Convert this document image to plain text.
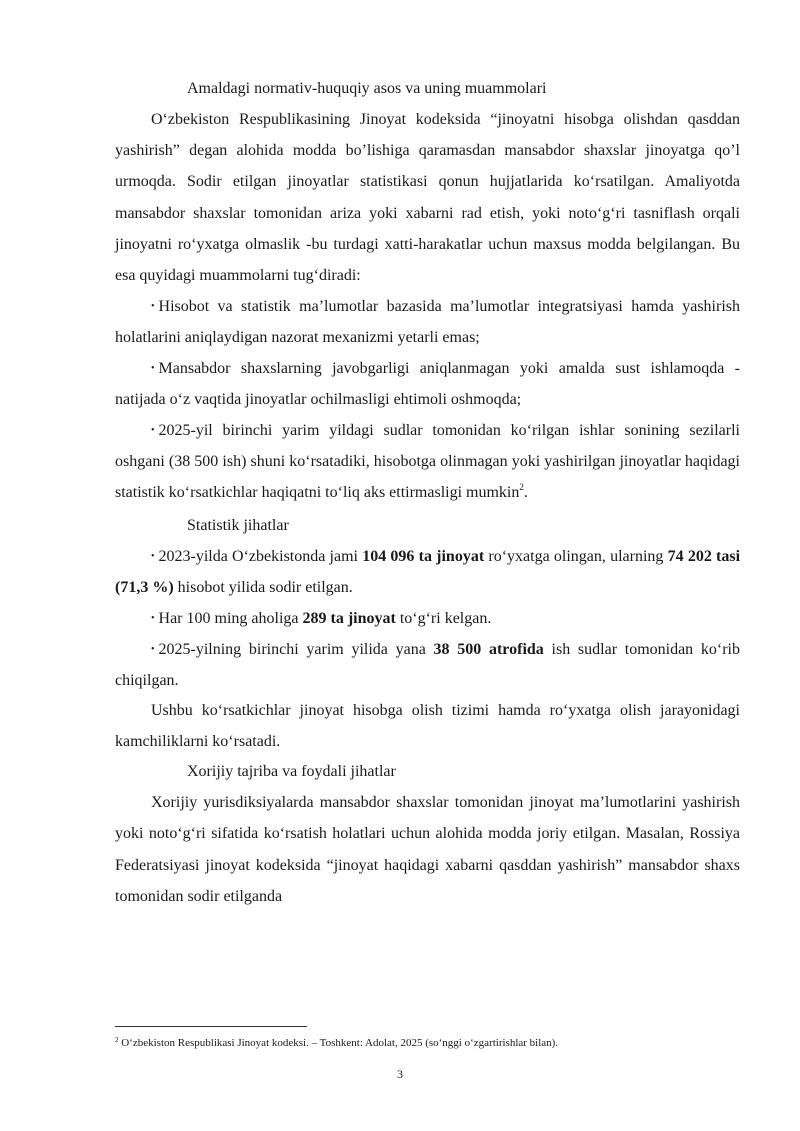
Amaldagi normativ-huquqiy asos va uning muammolari

O‘zbekiston Respublikasining Jinoyat kodeksida “jinoyatni hisobga olishdan qasddan yashirish” degan alohida modda bo’lishiga qaramasdan mansabdor shaxslar jinoyatga qo’l urmoqda. Sodir etilgan jinoyatlar statistikasi qonun hujjatlarida ko‘rsatilgan. Amaliyotda mansabdor shaxslar tomonidan ariza yoki xabarni rad etish, yoki noto‘g‘ri tasniflash orqali jinoyatni ro‘yxatga olmaslik -bu turdagi xatti-harakatlar uchun maxsus modda belgilangan. Bu esa quyidagi muammolarni tug‘diradi:

• Hisobot va statistik ma’lumotlar bazasida ma’lumotlar integratsiyasi hamda yashirish holatlarini aniqlaydigan nazorat mexanizmi yetarli emas;

• Mansabdor shaxslarning javobgarligi aniqlanmagan yoki amalda sust ishlamoqda - natijada o‘z vaqtida jinoyatlar ochilmasligi ehtimoli oshmoqda;

• 2025-yil birinchi yarim yildagi sudlar tomonidan ko‘rilgan ishlar sonining sezilarli oshgani (38 500 ish) shuni ko‘rsatadiki, hisobotga olinmagan yoki yashirilgan jinoyatlar haqidagi statistik ko‘rsatkichlar haqiqatni to‘liq aks ettirmasligi mumkin$^2$.

Statistik jihatlar

• 2023-yilda O‘zbekistonda jami 104 096 ta jinoyat ro‘yxatga olingan, ularning 74 202 tasi (71,3 %) hisobot yilida sodir etilgan.

• Har 100 ming aholiga 289 ta jinoyat to‘g‘ri kelgan.

• 2025-yilning birinchi yarim yilida yana 38 500 atrofida ish sudlar tomonidan ko‘rib chiqilgan.

Ushbu ko‘rsatkichlar jinoyat hisobga olish tizimi hamda ro‘yxatga olish jarayonidagi kamchiliklarni ko‘rsatadi.

Xorijiy tajriba va foydali jihatlar

Xorijiy yurisdiksiyalarda mansabdor shaxslar tomonidan jinoyat ma’lumotlarini yashirish yoki noto‘g‘ri sifatida ko‘rsatish holatlari uchun alohida modda joriy etilgan. Masalan, Rossiya Federatsiyasi jinoyat kodeksida “jinoyat haqidagi xabarni qasddan yashirish” mansabdor shaxs tomonidan sodir etilganda

$^2$ O‘zbekiston Respublikasi Jinoyat kodeksi. – Toshkent: Adolat, 2025 (so‘nggi o‘zgartirishlar bilan).
3
